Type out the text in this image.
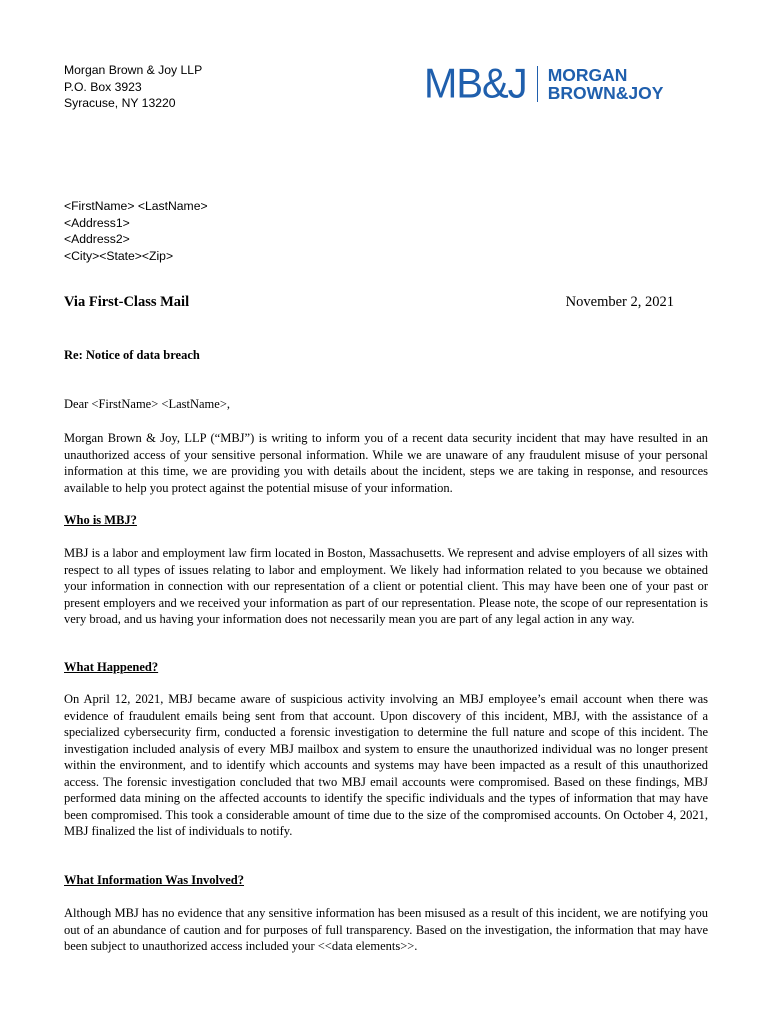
Morgan Brown & Joy LLP
P.O. Box 3923
Syracuse, NY 13220	MB&J MORGAN
BROWN&JOY
<FirstName> <LastName>
<Address1>
<Address2>
<City><State><Zip>
Via First-Class Mail	November 2, 2021
Re: Notice of data breach
Dear <FirstName> <LastName>,

Morgan Brown & Joy, LLP (“MBJ”) is writing to inform you of a recent data security incident that may have resulted in an unauthorized access of your sensitive personal information. While we are unaware of any fraudulent misuse of your personal information at this time, we are providing you with details about the incident, steps we are taking in response, and resources available to help you protect against the potential misuse of your information.

Who is MBJ?

MBJ is a labor and employment law firm located in Boston, Massachusetts. We represent and advise employers of all sizes with respect to all types of issues relating to labor and employment. We likely had information related to you because we obtained your information in connection with our representation of a client or potential client. This may have been one of your past or present employers and we received your information as part of our representation. Please note, the scope of our representation is very broad, and us having your information does not necessarily mean you are part of any legal action in any way.

What Happened?

On April 12, 2021, MBJ became aware of suspicious activity involving an MBJ employee’s email account when there was evidence of fraudulent emails being sent from that account. Upon discovery of this incident, MBJ, with the assistance of a specialized cybersecurity firm, conducted a forensic investigation to determine the full nature and scope of this incident. The investigation included analysis of every MBJ mailbox and system to ensure the unauthorized individual was no longer present within the environment, and to identify which accounts and systems may have been impacted as a result of this unauthorized access. The forensic investigation concluded that two MBJ email accounts were compromised. Based on these findings, MBJ performed data mining on the affected accounts to identify the specific individuals and the types of information that may have been compromised. This took a considerable amount of time due to the size of the compromised accounts. On October 4, 2021, MBJ finalized the list of individuals to notify.

What Information Was Involved?

Although MBJ has no evidence that any sensitive information has been misused as a result of this incident, we are notifying you out of an abundance of caution and for purposes of full transparency. Based on the investigation, the information that may have been subject to unauthorized access included your <<data elements>>.
